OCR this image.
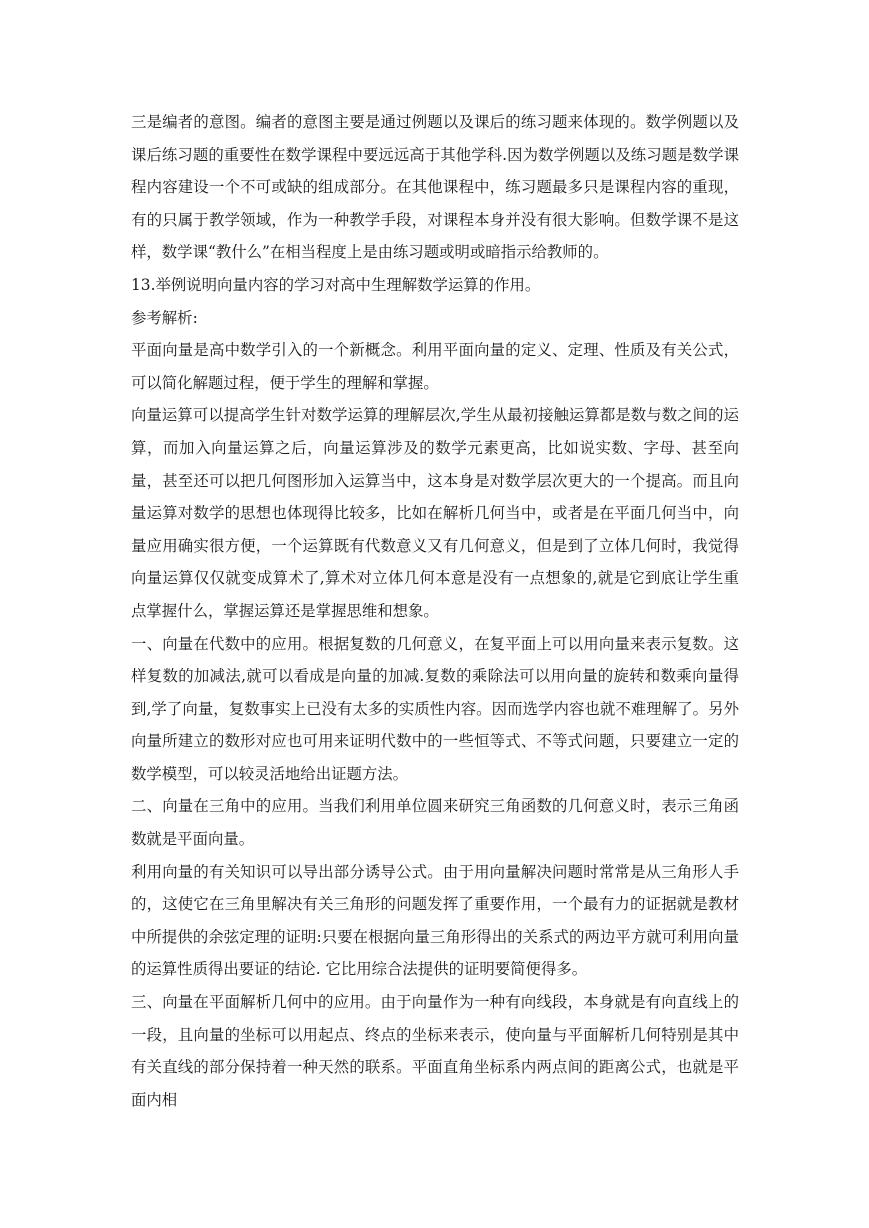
三是编者的意图。编者的意图主要是通过例题以及课后的练习题来体现的。数学例题以及课后练习题的重要性在数学课程中要远远高于其他学科.因为数学例题以及练习题是数学课程内容建设一个不可或缺的组成部分。在其他课程中，练习题最多只是课程内容的重现，有的只属于教学领域，作为一种教学手段，对课程本身并没有很大影响。但数学课不是这样，数学课“教什么”在相当程度上是由练习题或明或暗指示给教师的。

13.举例说明向量内容的学习对高中生理解数学运算的作用。

参考解析:

平面向量是高中数学引入的一个新概念。利用平面向量的定义、定理、性质及有关公式，可以简化解题过程，便于学生的理解和掌握。

向量运算可以提高学生针对数学运算的理解层次,学生从最初接触运算都是数与数之间的运算，而加入向量运算之后，向量运算涉及的数学元素更高，比如说实数、字母、甚至向量，甚至还可以把几何图形加入运算当中，这本身是对数学层次更大的一个提高。而且向量运算对数学的思想也体现得比较多，比如在解析几何当中，或者是在平面几何当中，向量应用确实很方便，一个运算既有代数意义又有几何意义，但是到了立体几何时，我觉得向量运算仅仅就变成算术了,算术对立体几何本意是没有一点想象的,就是它到底让学生重点掌握什么，掌握运算还是掌握思维和想象。

一、向量在代数中的应用。根据复数的几何意义，在复平面上可以用向量来表示复数。这样复数的加减法,就可以看成是向量的加减.复数的乘除法可以用向量的旋转和数乘向量得到,学了向量，复数事实上已没有太多的实质性内容。因而选学内容也就不难理解了。另外向量所建立的数形对应也可用来证明代数中的一些恒等式、不等式问题，只要建立一定的数学模型，可以较灵活地给出证题方法。

二、向量在三角中的应用。当我们利用单位圆来研究三角函数的几何意义时，表示三角函数就是平面向量。

利用向量的有关知识可以导出部分诱导公式。由于用向量解决问题时常常是从三角形人手的，这使它在三角里解决有关三角形的问题发挥了重要作用，一个最有力的证据就是教材中所提供的余弦定理的证明:只要在根据向量三角形得出的关系式的两边平方就可利用向量的运算性质得出要证的结论. 它比用综合法提供的证明要简便得多。

三、向量在平面解析几何中的应用。由于向量作为一种有向线段，本身就是有向直线上的一段，且向量的坐标可以用起点、终点的坐标来表示，使向量与平面解析几何特别是其中有关直线的部分保持着一种天然的联系。平面直角坐标系内两点间的距离公式，也就是平面内相
